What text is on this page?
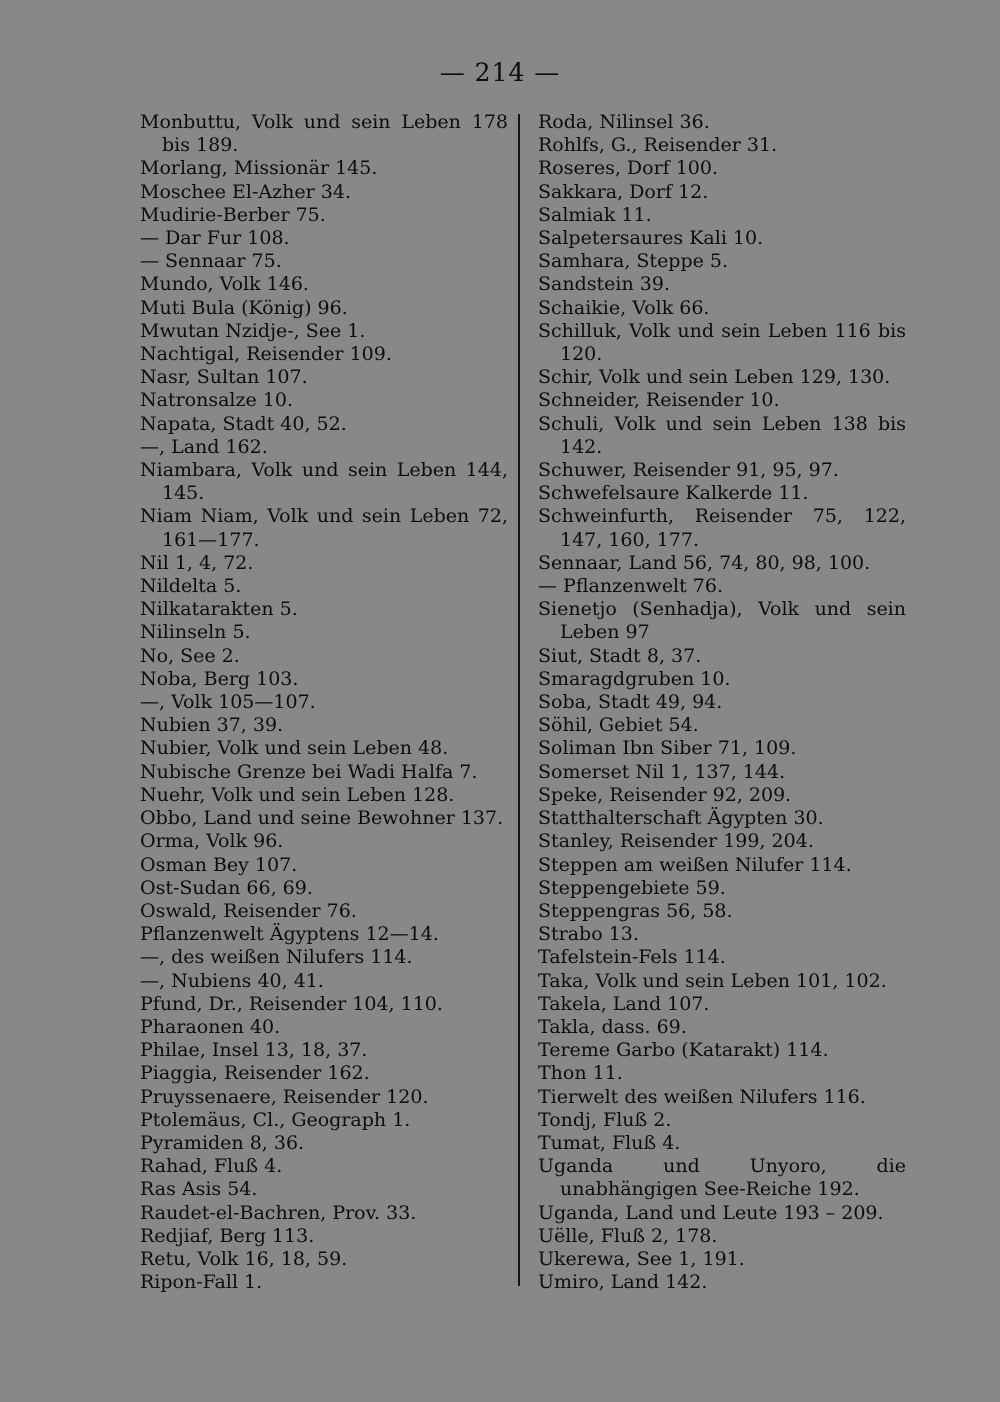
— 214 —
Monbuttu, Volk und sein Leben 178 bis 189.
Morlang, Missionär 145.
Moschee El-Azher 34.
Mudirie-Berber 75.
— Dar Fur 108.
— Sennaar 75.
Mundo, Volk 146.
Muti Bula (König) 96.
Mwutan Nzidje-, See 1.
Nachtigal, Reisender 109.
Nasr, Sultan 107.
Natronsalze 10.
Napata, Stadt 40, 52.
—, Land 162.
Niambara, Volk und sein Leben 144, 145.
Niam Niam, Volk und sein Leben 72, 161—177.
Nil 1, 4, 72.
Nildelta 5.
Nilkatarakten 5.
Nilinseln 5.
No, See 2.
Noba, Berg 103.
—, Volk 105—107.
Nubien 37, 39.
Nubier, Volk und sein Leben 48.
Nubische Grenze bei Wadi Halfa 7.
Nuehr, Volk und sein Leben 128.
Obbo, Land und seine Bewohner 137.
Orma, Volk 96.
Osman Bey 107.
Ost-Sudan 66, 69.
Oswald, Reisender 76.
Pflanzenwelt Ägyptens 12—14.
—, des weißen Nilufers 114.
—, Nubiens 40, 41.
Pfund, Dr., Reisender 104, 110.
Pharaonen 40.
Philae, Insel 13, 18, 37.
Piaggia, Reisender 162.
Pruyssenaere, Reisender 120.
Ptolemäus, Cl., Geograph 1.
Pyramiden 8, 36.
Rahad, Fluß 4.
Ras Asis 54.
Raudet-el-Bachren, Prov. 33.
Redjiaf, Berg 113.
Retu, Volk 16, 18, 59.
Ripon-Fall 1.
Roda, Nilinsel 36.
Rohlfs, G., Reisender 31.
Roseres, Dorf 100.
Sakkara, Dorf 12.
Salmiak 11.
Salpetersaures Kali 10.
Samhara, Steppe 5.
Sandstein 39.
Schaikie, Volk 66.
Schilluk, Volk und sein Leben 116 bis 120.
Schir, Volk und sein Leben 129, 130.
Schneider, Reisender 10.
Schuli, Volk und sein Leben 138 bis 142.
Schuwer, Reisender 91, 95, 97.
Schwefelsaure Kalkerde 11.
Schweinfurth, Reisender 75, 122, 147, 160, 177.
Sennaar, Land 56, 74, 80, 98, 100.
— Pflanzenwelt 76.
Sienetjo (Senhadja), Volk und sein Leben 97
Siut, Stadt 8, 37.
Smaragdgruben 10.
Soba, Stadt 49, 94.
Söhil, Gebiet 54.
Soliman Ibn Siber 71, 109.
Somerset Nil 1, 137, 144.
Speke, Reisender 92, 209.
Statthalterschaft Ägypten 30.
Stanley, Reisender 199, 204.
Steppen am weißen Nilufer 114.
Steppengebiete 59.
Steppengras 56, 58.
Strabo 13.
Tafelstein-Fels 114.
Taka, Volk und sein Leben 101, 102.
Takela, Land 107.
Takla, dass. 69.
Tereme Garbo (Katarakt) 114.
Thon 11.
Tierwelt des weißen Nilufers 116.
Tondj, Fluß 2.
Tumat, Fluß 4.
Uganda und Unyoro, die unabhängigen See-Reiche 192.
Uganda, Land und Leute 193 – 209.
Uëlle, Fluß 2, 178.
Ukerewa, See 1, 191.
Umiro, Land 142.
